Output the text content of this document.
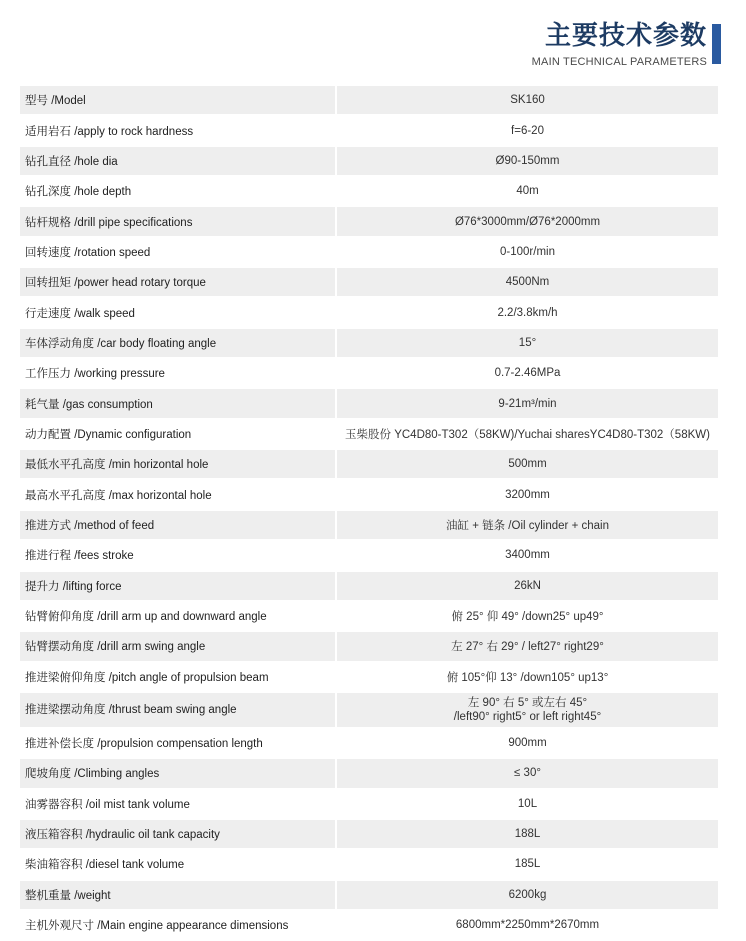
主要技术参数
MAIN TECHNICAL PARAMETERS
型号 /Model	SK160
适用岩石 /apply to rock hardness	f=6-20
钻孔直径 /hole dia	Ø90-150mm
钻孔深度 /hole depth	40m
钻杆规格 /drill pipe specifications	Ø76*3000mm/Ø76*2000mm
回转速度 /rotation speed	0-100r/min
回转扭矩 /power head rotary torque	4500Nm
行走速度 /walk speed	2.2/3.8km/h
车体浮动角度 /car body floating angle	15°
工作压力 /working pressure	0.7-2.46MPa
耗气量 /gas consumption	9-21m³/min
动力配置 /Dynamic configuration	玉柴股份 YC4D80-T302（58KW)/Yuchai sharesYC4D80-T302（58KW)
最低水平孔高度 /min horizontal hole	500mm
最高水平孔高度 /max horizontal hole	3200mm
推进方式 /method of feed	油缸 + 链条 /Oil cylinder + chain
推进行程 /fees stroke	3400mm
提升力 /lifting force	26kN
钻臂俯仰角度 /drill arm up and downward angle	俯 25° 仰 49° /down25° up49°
钻臂摆动角度 /drill arm swing angle	左 27° 右 29° / left27° right29°
推进梁俯仰角度 /pitch angle of propulsion beam	俯 105°仰 13° /down105° up13°
推进梁摆动角度 /thrust beam swing angle	左 90° 右 5° 或左右 45°
/left90° right5° or left right45°

推进补偿长度 /propulsion compensation length	900mm
爬坡角度 /Climbing angles	≤ 30°
油雾器容积 /oil mist tank volume	10L
液压箱容积 /hydraulic oil tank capacity	188L
柴油箱容积 /diesel tank volume	185L
整机重量 /weight	6200kg
主机外观尺寸 /Main engine appearance dimensions	6800mm*2250mm*2670mm
